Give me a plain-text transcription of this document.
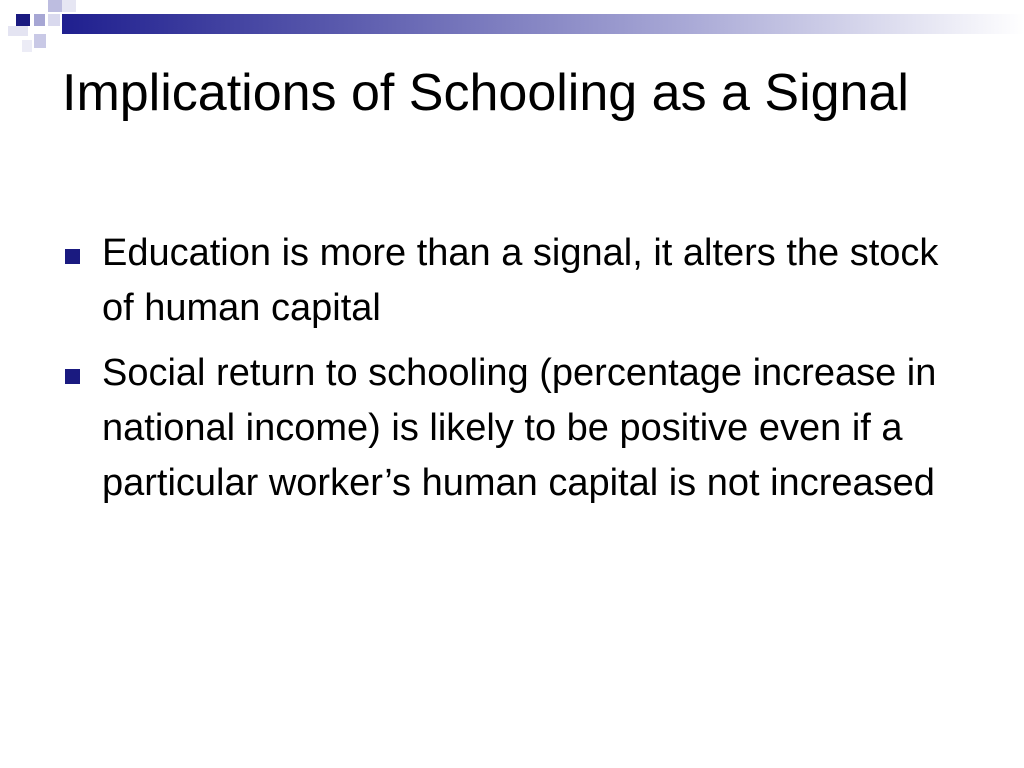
Implications of Schooling as a Signal
Education is more than a signal, it alters the stock of human capital
Social return to schooling (percentage increase in national income) is likely to be positive even if a particular worker’s human capital is not increased
